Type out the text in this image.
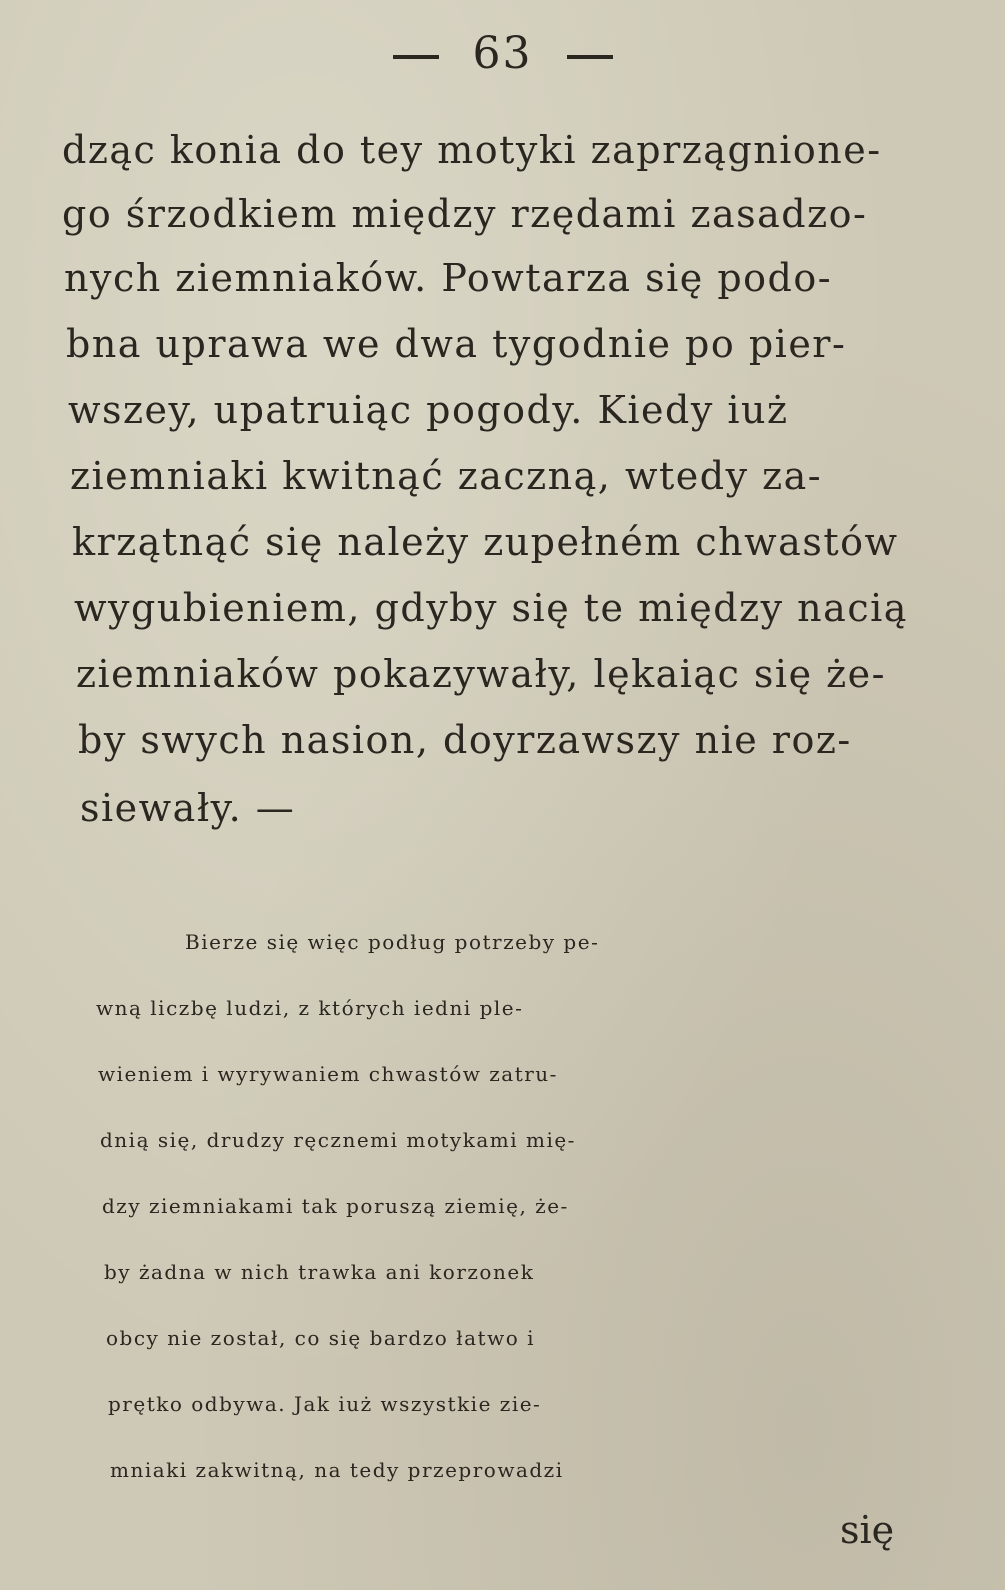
63
dząc konia do tey motyki zaprzągnione-
go śrzodkiem między rzędami zasadzo-
nych ziemniaków. Powtarza się podo-
bna uprawa we dwa tygodnie po pier-
wszey, upatruiąc pogody. Kiedy iuż
ziemniaki kwitnąć zaczną, wtedy za-
krzątnąć się należy zupełném chwastów
wygubieniem, gdyby się te między nacią
ziemniaków pokazywały, lękaiąc się że-
by swych nasion, doyrzawszy nie roz-
siewały. —
Bierze się więc podług potrzeby pe-
wną liczbę ludzi, z których iedni ple-
wieniem i wyrywaniem chwastów zatru-
dnią się, drudzy ręcznemi motykami mię-
dzy ziemniakami tak poruszą ziemię, że-
by żadna w nich trawka ani korzonek
obcy nie został, co się bardzo łatwo i
prętko odbywa. Jak iuż wszystkie zie-
mniaki zakwitną, na tedy przeprowadzi
się
